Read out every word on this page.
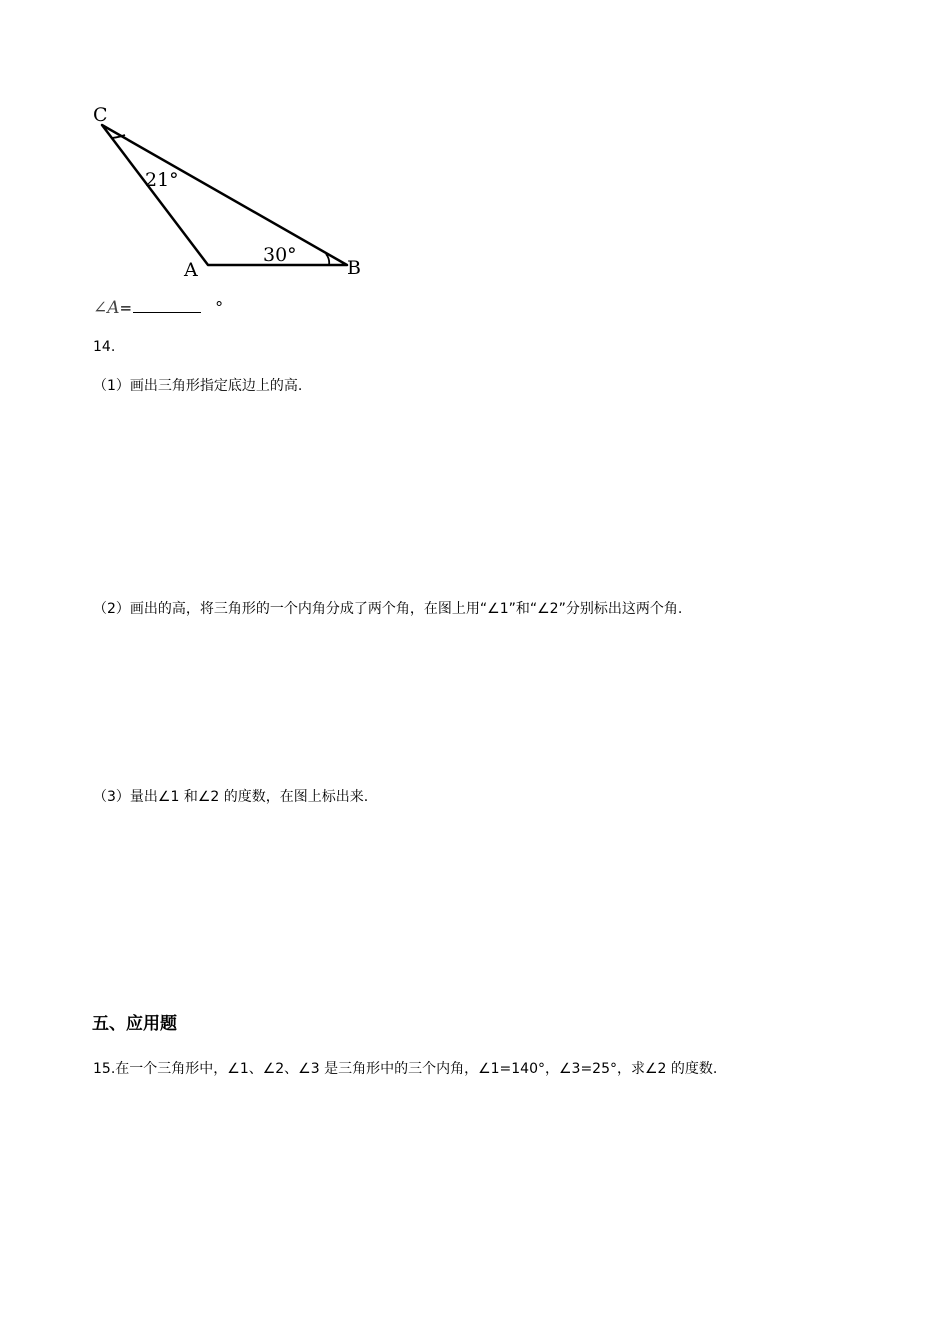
C
A	B
21°
30°
∠A=	°
14.
（1）画出三角形指定底边上的高.
（2）画出的高，将三角形的一个内角分成了两个角，在图上用“∠1”和“∠2”分别标出这两个角.
（3）量出∠1 和∠2 的度数，在图上标出来.
五、应用题
15.在一个三角形中，∠1、∠2、∠3 是三角形中的三个内角，∠1=140°，∠3=25°，求∠2 的度数.
